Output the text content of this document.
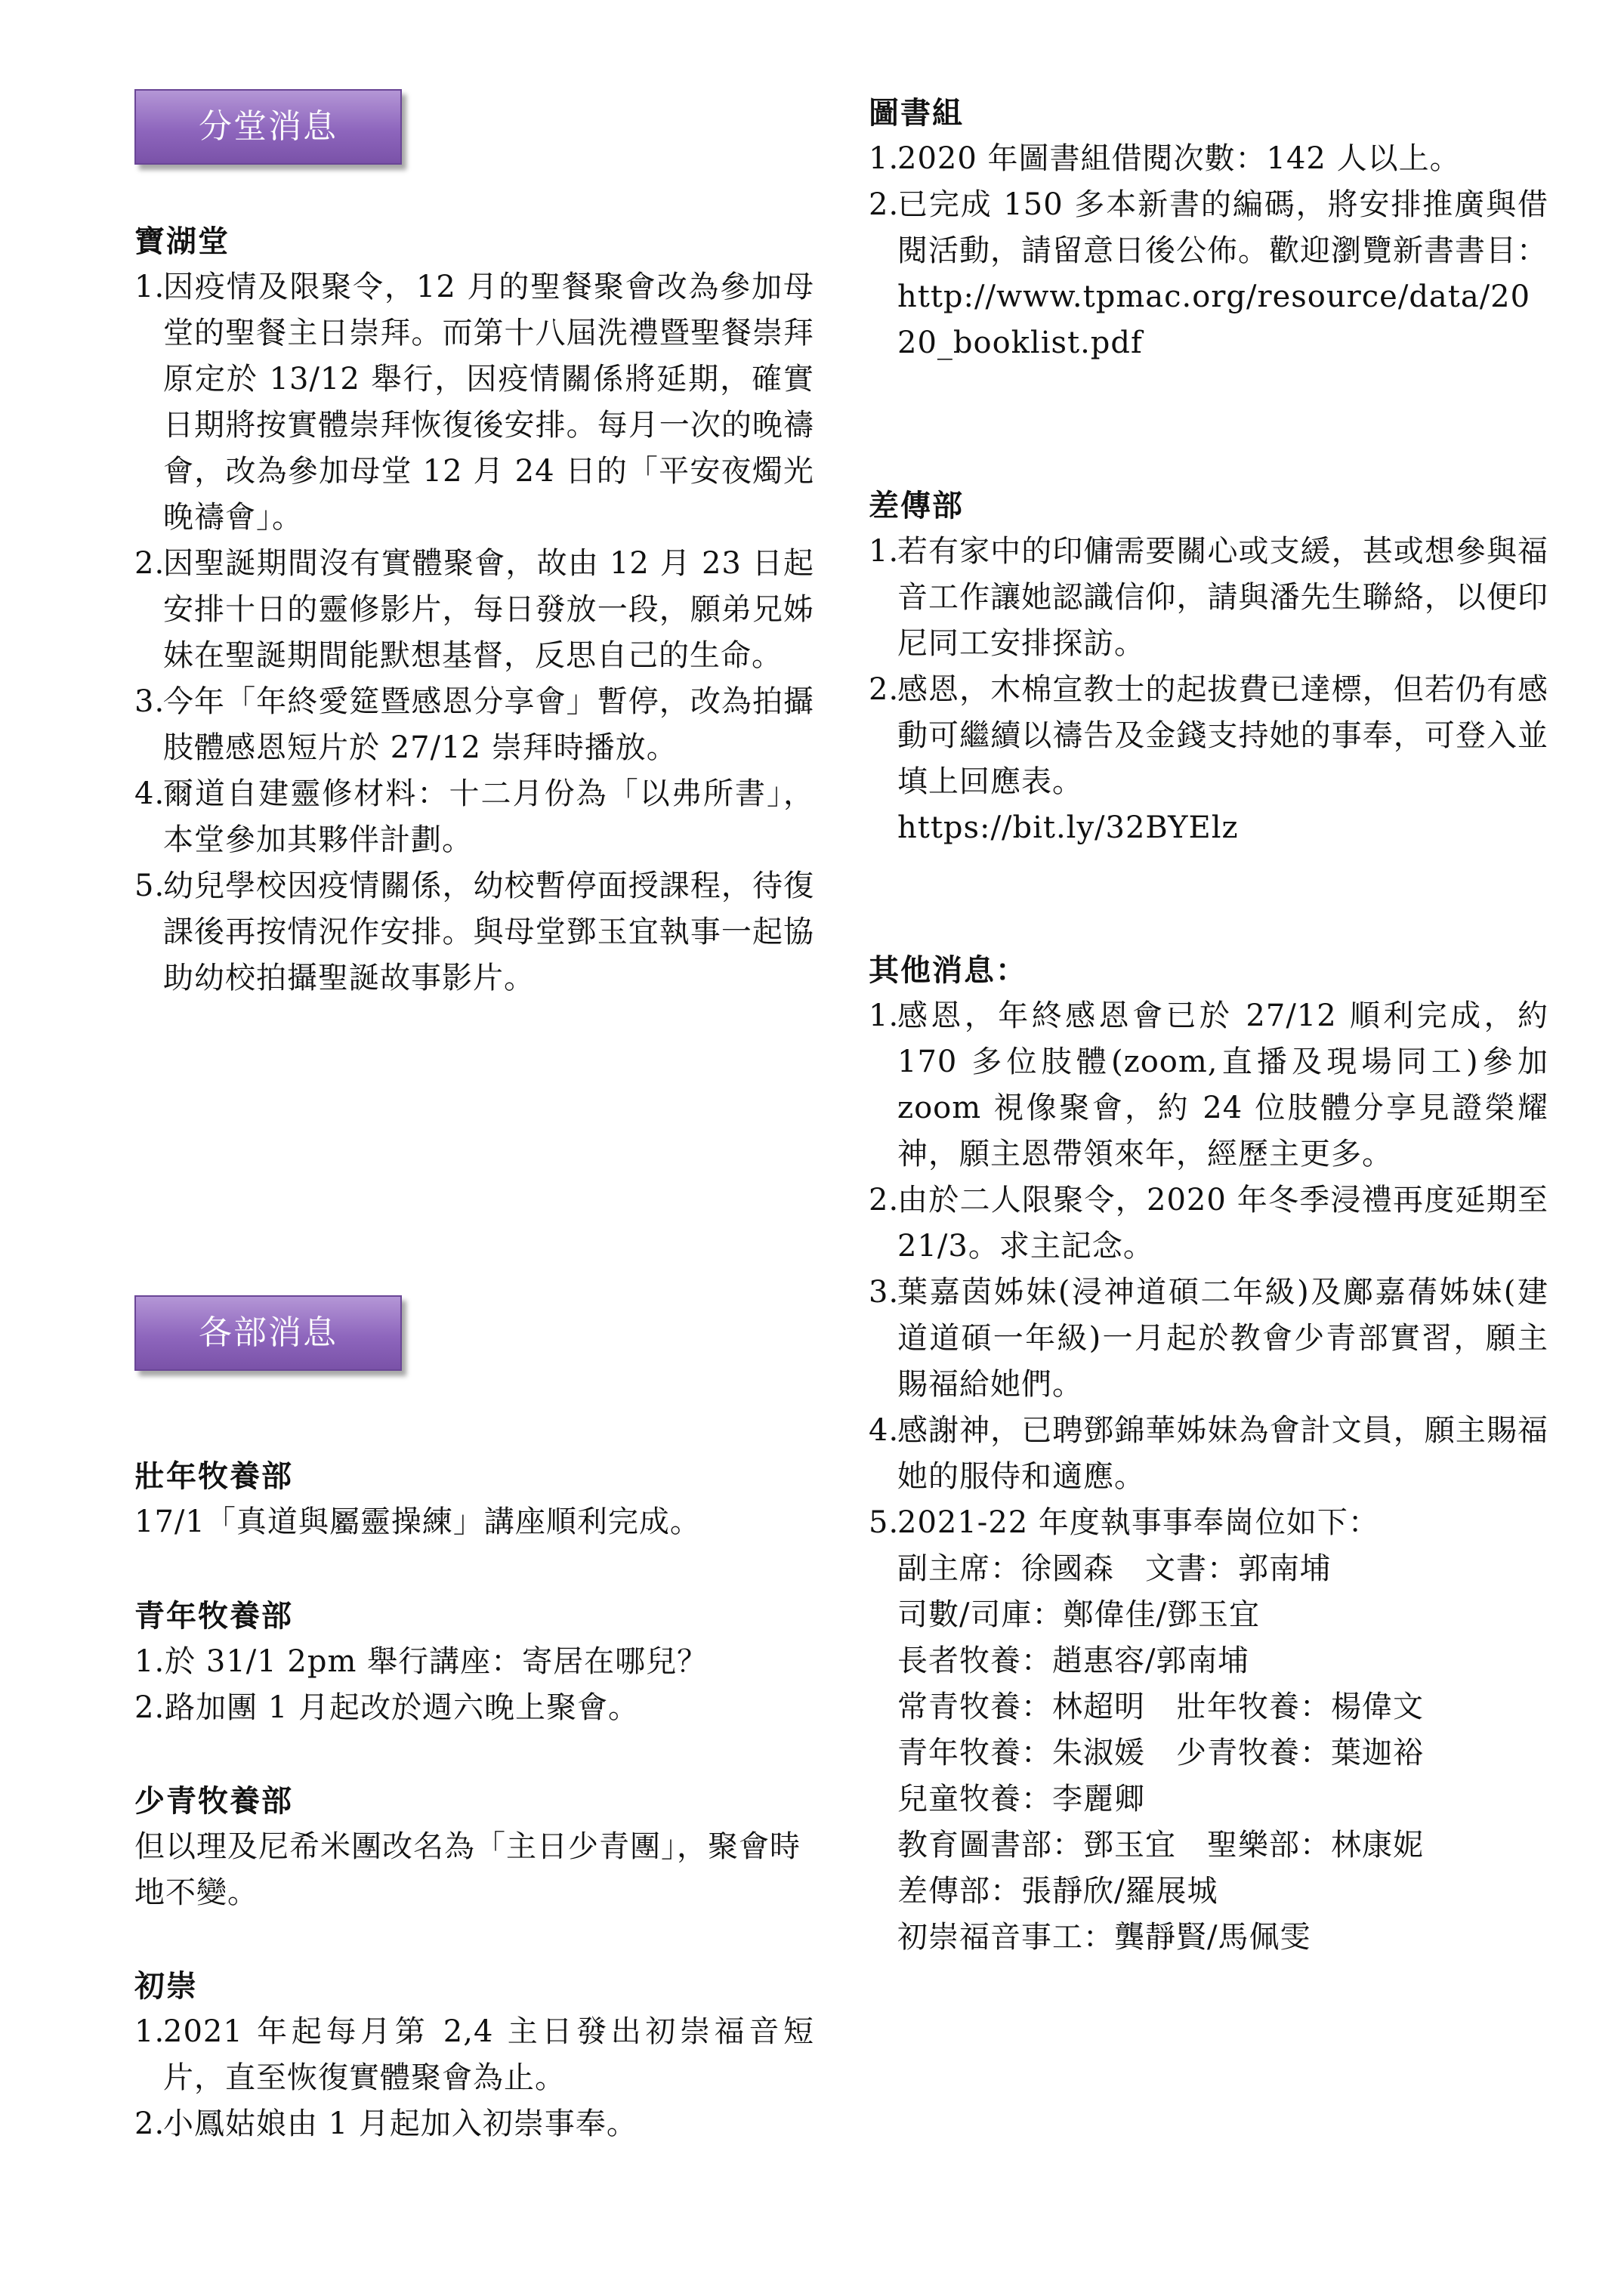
分堂消息
寶湖堂
1.
因疫情及限聚令，12 月的聖餐聚會改為參加母堂的聖餐主日崇拜。而第十八屆洗禮暨聖餐崇拜原定於 13/12 舉行，因疫情關係將延期，確實日期將按實體崇拜恢復後安排。每月一次的晚禱會，改為參加母堂 12 月 24 日的「平安夜燭光晚禱會」。
2.
因聖誕期間沒有實體聚會，故由 12 月 23 日起安排十日的靈修影片，每日發放一段，願弟兄姊妹在聖誕期間能默想基督，反思自己的生命。
3.
今年「年終愛筵暨感恩分享會」暫停，改為拍攝肢體感恩短片於 27/12 崇拜時播放。
4.
爾道自建靈修材料：十二月份為「以弗所書」，本堂參加其夥伴計劃。
5.
幼兒學校因疫情關係，幼校暫停面授課程，待復課後再按情況作安排。與母堂鄧玉宜執事一起協助幼校拍攝聖誕故事影片。
各部消息
壯年牧養部

17/1「真道與屬靈操練」講座順利完成。

青年牧養部
1.於 31/1 2pm 舉行講座：寄居在哪兒？
2.路加團 1 月起改於週六晚上聚會。
少青牧養部

但以理及尼希米團改名為「主日少青團」，聚會時地不變。

初崇
1.
2021 年起每月第 2,4 主日發出初崇福音短片，直至恢復實體聚會為止。
2.
小鳳姑娘由 1 月起加入初崇事奉。
圖書組
1.
2020 年圖書組借閱次數：142 人以上。
2.
已完成 150 多本新書的編碼，將安排推廣與借閱活動，請留意日後公佈。歡迎瀏覽新書書目：
http://www.tpmac.org/resource/data/2020_booklist.pdf
差傳部
1.
若有家中的印傭需要關心或支緩，甚或想參與福音工作讓她認識信仰，請與潘先生聯絡，以便印尼同工安排探訪。
2.
感恩，木棉宣教士的起拔費已達標，但若仍有感動可繼續以禱告及金錢支持她的事奉，可登入並填上回應表。
https://bit.ly/32BYElz
其他消息：
1.
感恩，年終感恩會已於 27/12 順利完成，約 170 多位肢體(zoom,直播及現場同工)參加 zoom 視像聚會，約 24 位肢體分享見證榮耀神，願主恩帶領來年，經歷主更多。
2.
由於二人限聚令，2020 年冬季浸禮再度延期至 21/3。求主記念。
3.
葉嘉茵姊妹(浸神道碩二年級)及鄺嘉蒨姊妹(建道道碩一年級)一月起於教會少青部實習，願主賜福給她們。
4.
感謝神，已聘鄧錦華姊妹為會計文員，願主賜福她的服侍和適應。
5.
2021-22 年度執事事奉崗位如下：
副主席：徐國森　文書：郭南埔
司數/司庫：鄭偉佳/鄧玉宜
長者牧養：趙惠容/郭南埔
常青牧養：林超明　壯年牧養：楊偉文
青年牧養：朱淑媛　少青牧養：葉迦裕
兒童牧養：李麗卿
教育圖書部：鄧玉宜　聖樂部：林康妮
差傳部：張靜欣/羅展城
初崇福音事工：龔靜賢/馬佩雯
